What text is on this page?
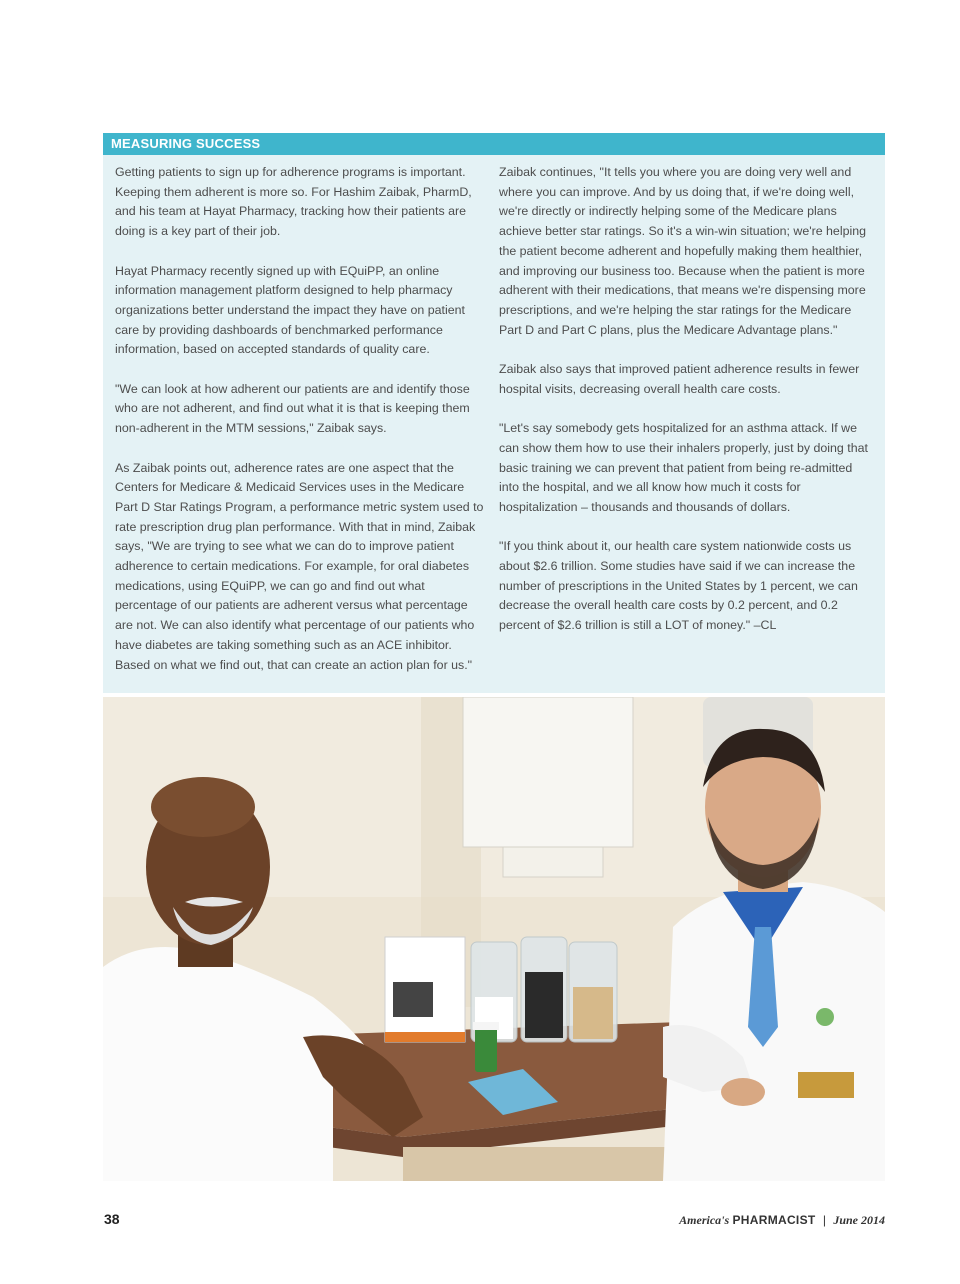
MEASURING SUCCESS

Getting patients to sign up for adherence programs is important. Keeping them adherent is more so. For Hashim Zaibak, PharmD, and his team at Hayat Pharmacy, tracking how their patients are doing is a key part of their job.

Hayat Pharmacy recently signed up with EQuiPP, an online information management platform designed to help pharmacy organizations better understand the impact they have on patient care by providing dashboards of benchmarked performance information, based on accepted standards of quality care.

"We can look at how adherent our patients are and identify those who are not adherent, and find out what it is that is keeping them non-adherent in the MTM sessions," Zaibak says.

As Zaibak points out, adherence rates are one aspect that the Centers for Medicare & Medicaid Services uses in the Medicare Part D Star Ratings Program, a performance metric system used to rate prescription drug plan performance. With that in mind, Zaibak says, "We are trying to see what we can do to improve patient adherence to certain medications. For example, for oral diabetes medications, using EQuiPP, we can go and find out what percentage of our patients are adherent versus what percentage are not. We can also identify what percentage of our patients who have diabetes are taking something such as an ACE inhibitor. Based on what we find out, that can create an action plan for us."

Zaibak continues, "It tells you where you are doing very well and where you can improve. And by us doing that, if we're doing well, we're directly or indirectly helping some of the Medicare plans achieve better star ratings. So it's a win-win situation; we're helping the patient become adherent and hopefully making them healthier, and improving our business too. Because when the patient is more adherent with their medications, that means we're dispensing more prescriptions, and we're helping the star ratings for the Medicare Part D and Part C plans, plus the Medicare Advantage plans."

Zaibak also says that improved patient adherence results in fewer hospital visits, decreasing overall health care costs.

"Let's say somebody gets hospitalized for an asthma attack. If we can show them how to use their inhalers properly, just by doing that basic training we can prevent that patient from being re-admitted into the hospital, and we all know how much it costs for hospitalization – thousands and thousands of dollars.

"If you think about it, our health care system nationwide costs us about $2.6 trillion. Some studies have said if we can increase the number of prescriptions in the United States by 1 percent, we can decrease the overall health care costs by 0.2 percent, and 0.2 percent of $2.6 trillion is still a LOT of money." –CL

38	America's PHARMACIST | June 2014
